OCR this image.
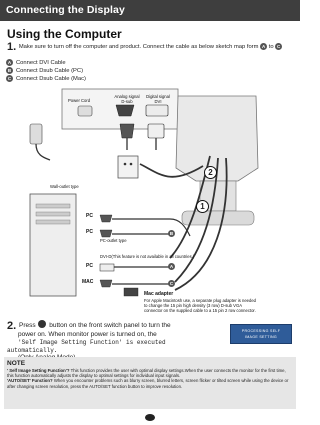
Connecting the Display
Using the Computer
1. Make sure to turn off the computer and product. Connect the cable as below sketch map form A to C
A Connect DVI Cable
B Connect Dsub Cable (PC)
C Connect Dsub Cable (Mac)
Power Cord
Analog signal
D-sub
Digital signal
DVI
Wall-outlet type
PC-outlet type
2
1
PC
PC
DVI-D(This feature is not available in all countries.)
PC
MAC
B
A
C
Mac adapter
For Apple Macintosh use, a separate plug adapter is needed
to change the 15 pin high density (3 row) D-sub VGA
connector on the supplied cable to a 15 pin 2 row connector.
2. Press button on the front switch panel to turn the
power on. When monitor power is turned on, the
'Self Image Setting Function' is executed automatically.

PROCESSING SELF
IMAGE SETTING
NOTE
' Self Image Setting Function'? This function provides the user with optimal display settings.When the user connects the monitor for the first time, this function automatically adjusts the display to optimal settings for individual input signals.
'AUTO/SET' Function? When you encounter problems such as blurry screen, blurred letters, screen flicker or tilted screen while using the device or after changing screen resolution, press the AUTO/SET function button to improve resolution.
